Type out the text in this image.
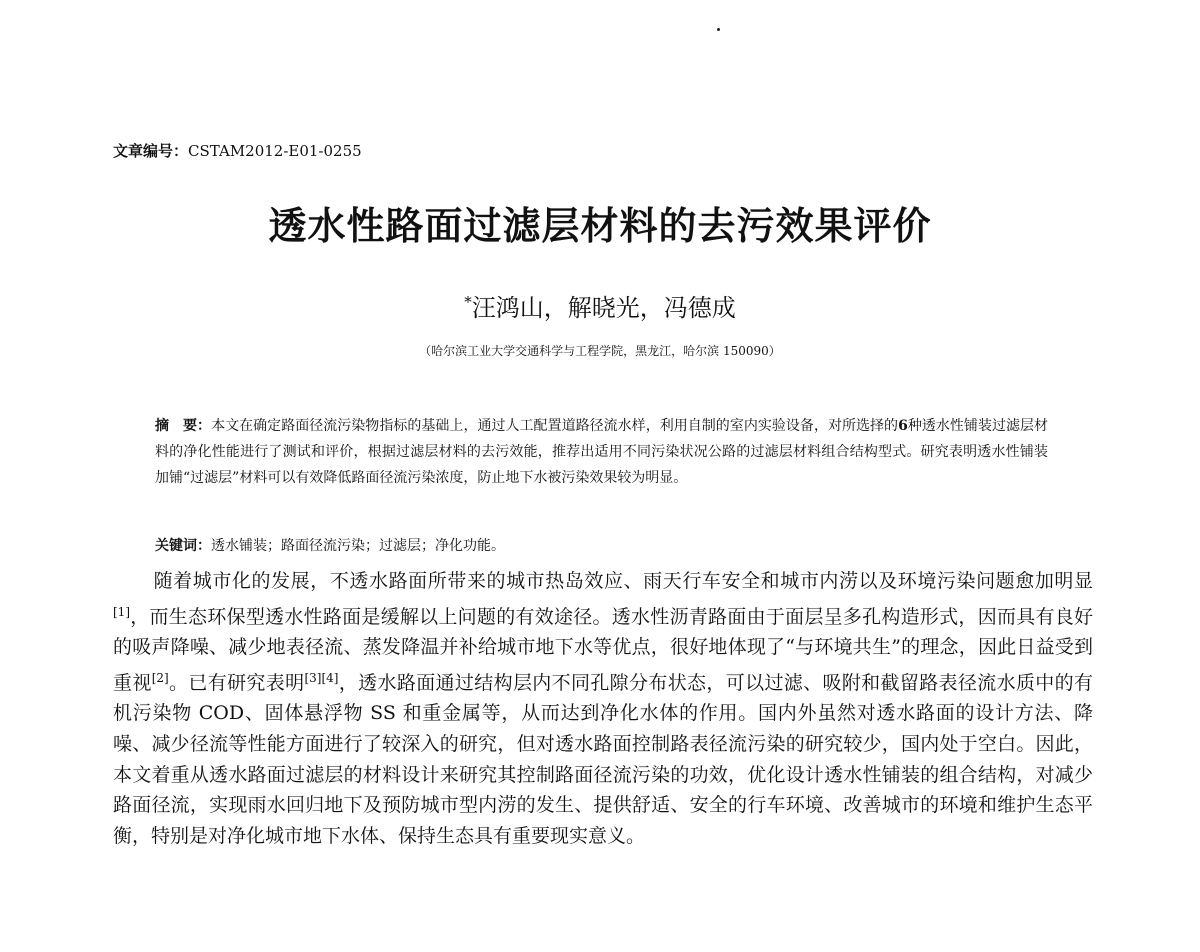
文章编号：CSTAM2012-E01-0255
透水性路面过滤层材料的去污效果评价
*汪鸿山，解晓光，冯德成
（哈尔滨工业大学交通科学与工程学院，黑龙江，哈尔滨 150090）
摘　要：本文在确定路面径流污染物指标的基础上，通过人工配置道路径流水样，利用自制的室内实验设备，对所选择的6种透水性铺装过滤层材料的净化性能进行了测试和评价，根据过滤层材料的去污效能，推荐出适用不同污染状况公路的过滤层材料组合结构型式。研究表明透水性铺装加铺“过滤层”材料可以有效降低路面径流污染浓度，防止地下水被污染效果较为明显。
关键词：透水铺装；路面径流污染；过滤层；净化功能。
随着城市化的发展，不透水路面所带来的城市热岛效应、雨天行车安全和城市内涝以及环境污染问题愈加明显[1]，而生态环保型透水性路面是缓解以上问题的有效途径。透水性沥青路面由于面层呈多孔构造形式，因而具有良好的吸声降噪、减少地表径流、蒸发降温并补给城市地下水等优点，很好地体现了“与环境共生”的理念，因此日益受到重视[2]。已有研究表明[3][4]，透水路面通过结构层内不同孔隙分布状态，可以过滤、吸附和截留路表径流水质中的有机污染物 COD、固体悬浮物 SS 和重金属等，从而达到净化水体的作用。国内外虽然对透水路面的设计方法、降噪、减少径流等性能方面进行了较深入的研究，但对透水路面控制路表径流污染的研究较少，国内处于空白。因此，本文着重从透水路面过滤层的材料设计来研究其控制路面径流污染的功效，优化设计透水性铺装的组合结构，对减少路面径流，实现雨水回归地下及预防城市型内涝的发生、提供舒适、安全的行车环境、改善城市的环境和维护生态平衡，特别是对净化城市地下水体、保持生态具有重要现实意义。
